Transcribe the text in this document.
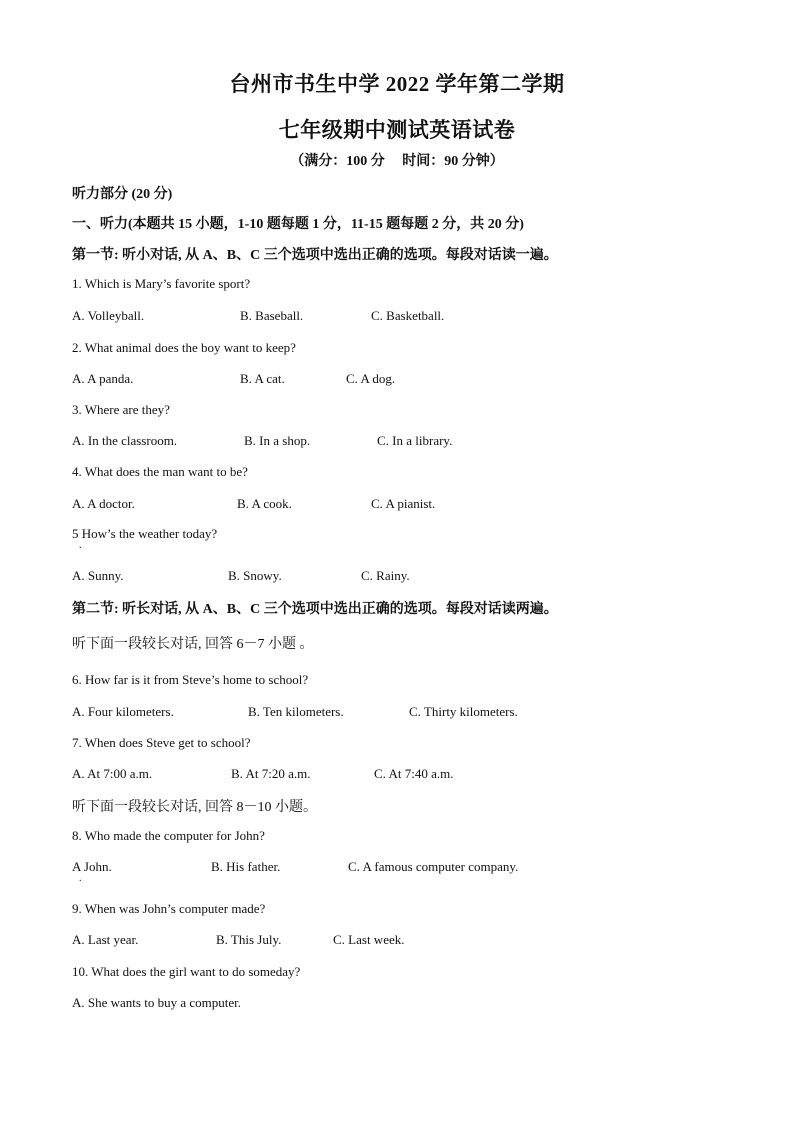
台州市书生中学 2022 学年第二学期
七年级期中测试英语试卷
（满分：100 分　 时间：90 分钟）
听力部分 (20 分)
一、听力(本题共 15 小题，1-10 题每题 1 分，11-15 题每题 2 分，共 20 分)
第一节: 听小对话, 从 A、B、C 三个选项中选出正确的选项。每段对话读一遍。
1. Which is Mary’s favorite sport?
A. Volleyball.	B. Baseball.	C. Basketball.
2. What animal does the boy want to keep?
A. A panda.	B. A cat.	C. A dog.
3. Where are they?
A. In the classroom.	B. In a shop.	C. In a library.
4. What does the man want to be?
A. A doctor.	B. A cook.	C. A pianist.
5 How’s the weather today?
.
A. Sunny.	B. Snowy.	C. Rainy.
第二节: 听长对话, 从 A、B、C 三个选项中选出正确的选项。每段对话读两遍。
听下面一段较长对话, 回答 6－7 小题 。
6. How far is it from Steve’s home to school?
A. Four kilometers.	B. Ten kilometers.	C. Thirty kilometers.
7. When does Steve get to school?
A. At 7:00 a.m.	B. At 7:20 a.m.	C. At 7:40 a.m.
听下面一段较长对话, 回答 8－10 小题。
8. Who made the computer for John?
A John.
.
B. His father.	C. A famous computer company.
9. When was John’s computer made?
A. Last year.	B. This July.	C. Last week.
10. What does the girl want to do someday?
A. She wants to buy a computer.
